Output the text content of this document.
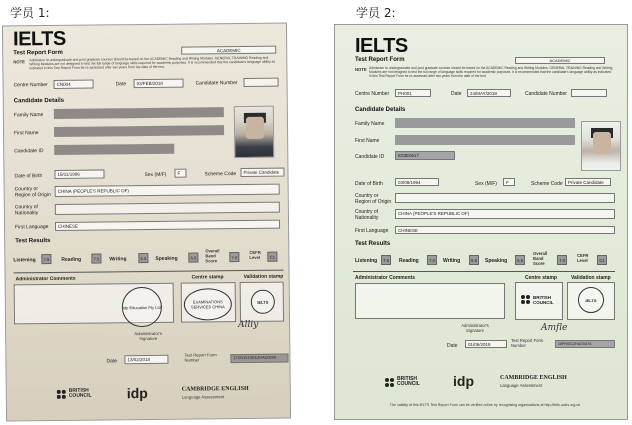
学员 1:	学员 2:
IELTS
Test Report Form	ACADEMIC
NOTE Admission to undergraduate and post graduate courses should be based on the ACADEMIC Reading and Writing Modules. GENERAL TRAINING Reading and Writing Modules are not designed to test the full range of language skills required for academic purposes. It is recommended that the candidate's language ability as indicated in this Test Report Form be re-assessed after two years from the date of the test.
Centre Number	CN004	Date	03/FEB/2018	Candidate Number
Candidate Details
Family Name
First Name
Candidate ID
Date of Birth	15/11/1986	Sex (M/F)	F	Scheme Code	Private Candidate
Country or Region of Origin
CHINA (PEOPLE'S REPUBLIC OF)
Country of Nationality
First Language	CHINESE
Test Results
Listening	7.5	Reading	7.5	Writing	6.5	Speaking	6.5
Overall Band Score
7.0
CEFR Level	C1
Administrator Comments	Centre stamp	Validation stamp
idp Education Pty Ltd
EXAMINATIONS SERVICES CHINA
IELTS
Administrator's Signature
Alliy
Date	13/02/2018
Test Report Form Number	17CN151SKEZHAU004A
BRITISH COUNCIL	idp	CAMBRIDGE ENGLISH
Language Assessment
IELTS
Test Report Form	ACADEMIC
NOTE Admission to undergraduate and post graduate courses should be based on the ACADEMIC Reading and Writing Modules. GENERAL TRAINING Reading and Writing Modules are not designed to test the full range of language skills required for academic purposes. It is recommended that the candidate's language ability as indicated in this Test Report Form be re-assessed after two years from the date of the test.
Centre Number	PH001	Date	24/MAY/2018	Candidate Number
Candidate Details
Family Name
First Name
Candidate ID	E03E0617
Date of Birth	03/08/1994	Sex (M/F)	F	Scheme Code	Private Candidate
Country or Region of Origin
Country of Nationality
CHINA (PEOPLE'S REPUBLIC OF)
First Language	CHINESE
Test Results
Listening	7.5	Reading	7.0	Writing	6.5	Speaking	6.5
Overall Band Score
7.0
CEFR Level	C1
Administrator Comments	Centre stamp	Validation stamp
BRITISH COUNCIL	IELTS
Administrator's Signature	Amfle
Date	01/06/2018
Test Report Form Number	18PH001ZHAO547A
BRITISH COUNCIL	idp	CAMBRIDGE ENGLISH
Language Assessment
The validity of this IELTS Test Report Form can be verified online by recognising organisations at http://ielts.ucles.org.uk
